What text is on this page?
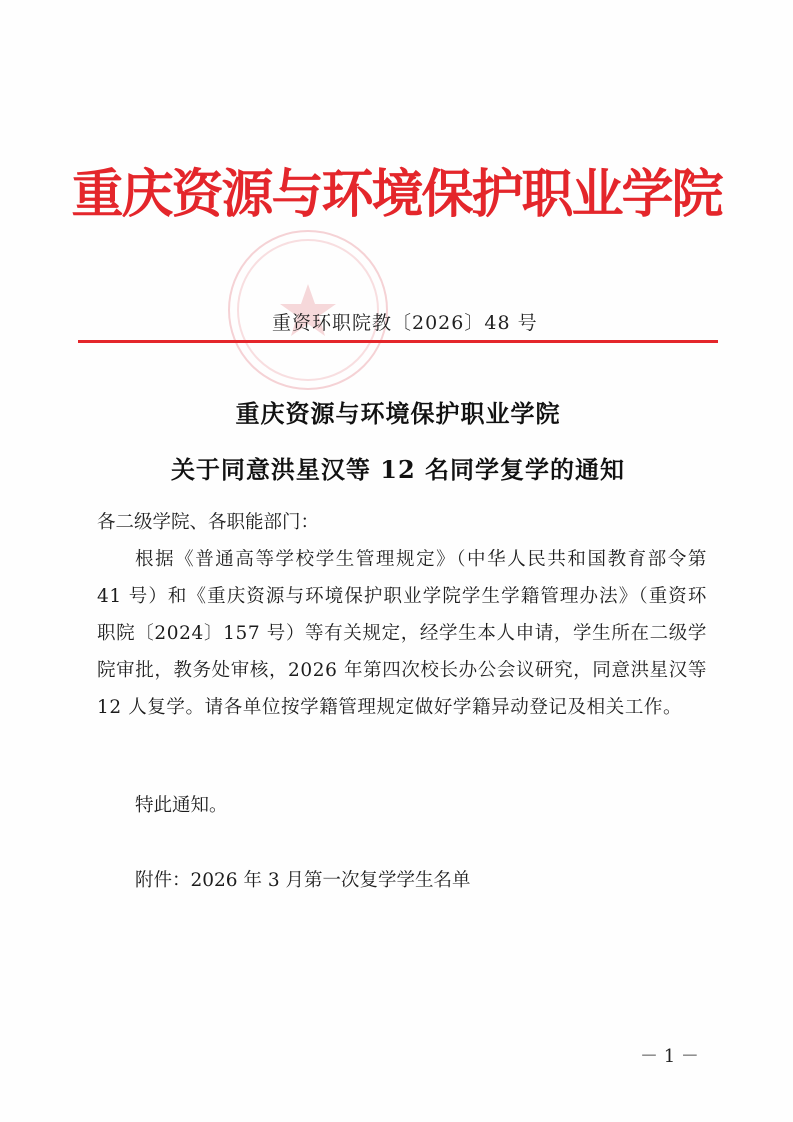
重庆资源与环境保护职业学院
重资环职院教〔2026〕48 号
重庆资源与环境保护职业学院
关于同意洪星汉等 12 名同学复学的通知
各二级学院、各职能部门：
根据《普通高等学校学生管理规定》（中华人民共和国教育部令第 41 号）和《重庆资源与环境保护职业学院学生学籍管理办法》（重资环职院〔2024〕157 号）等有关规定，经学生本人申请，学生所在二级学院审批，教务处审核，2026 年第四次校长办公会议研究，同意洪星汉等 12 人复学。请各单位按学籍管理规定做好学籍异动登记及相关工作。
特此通知。
附件：2026 年 3 月第一次复学学生名单
－ 1 －
